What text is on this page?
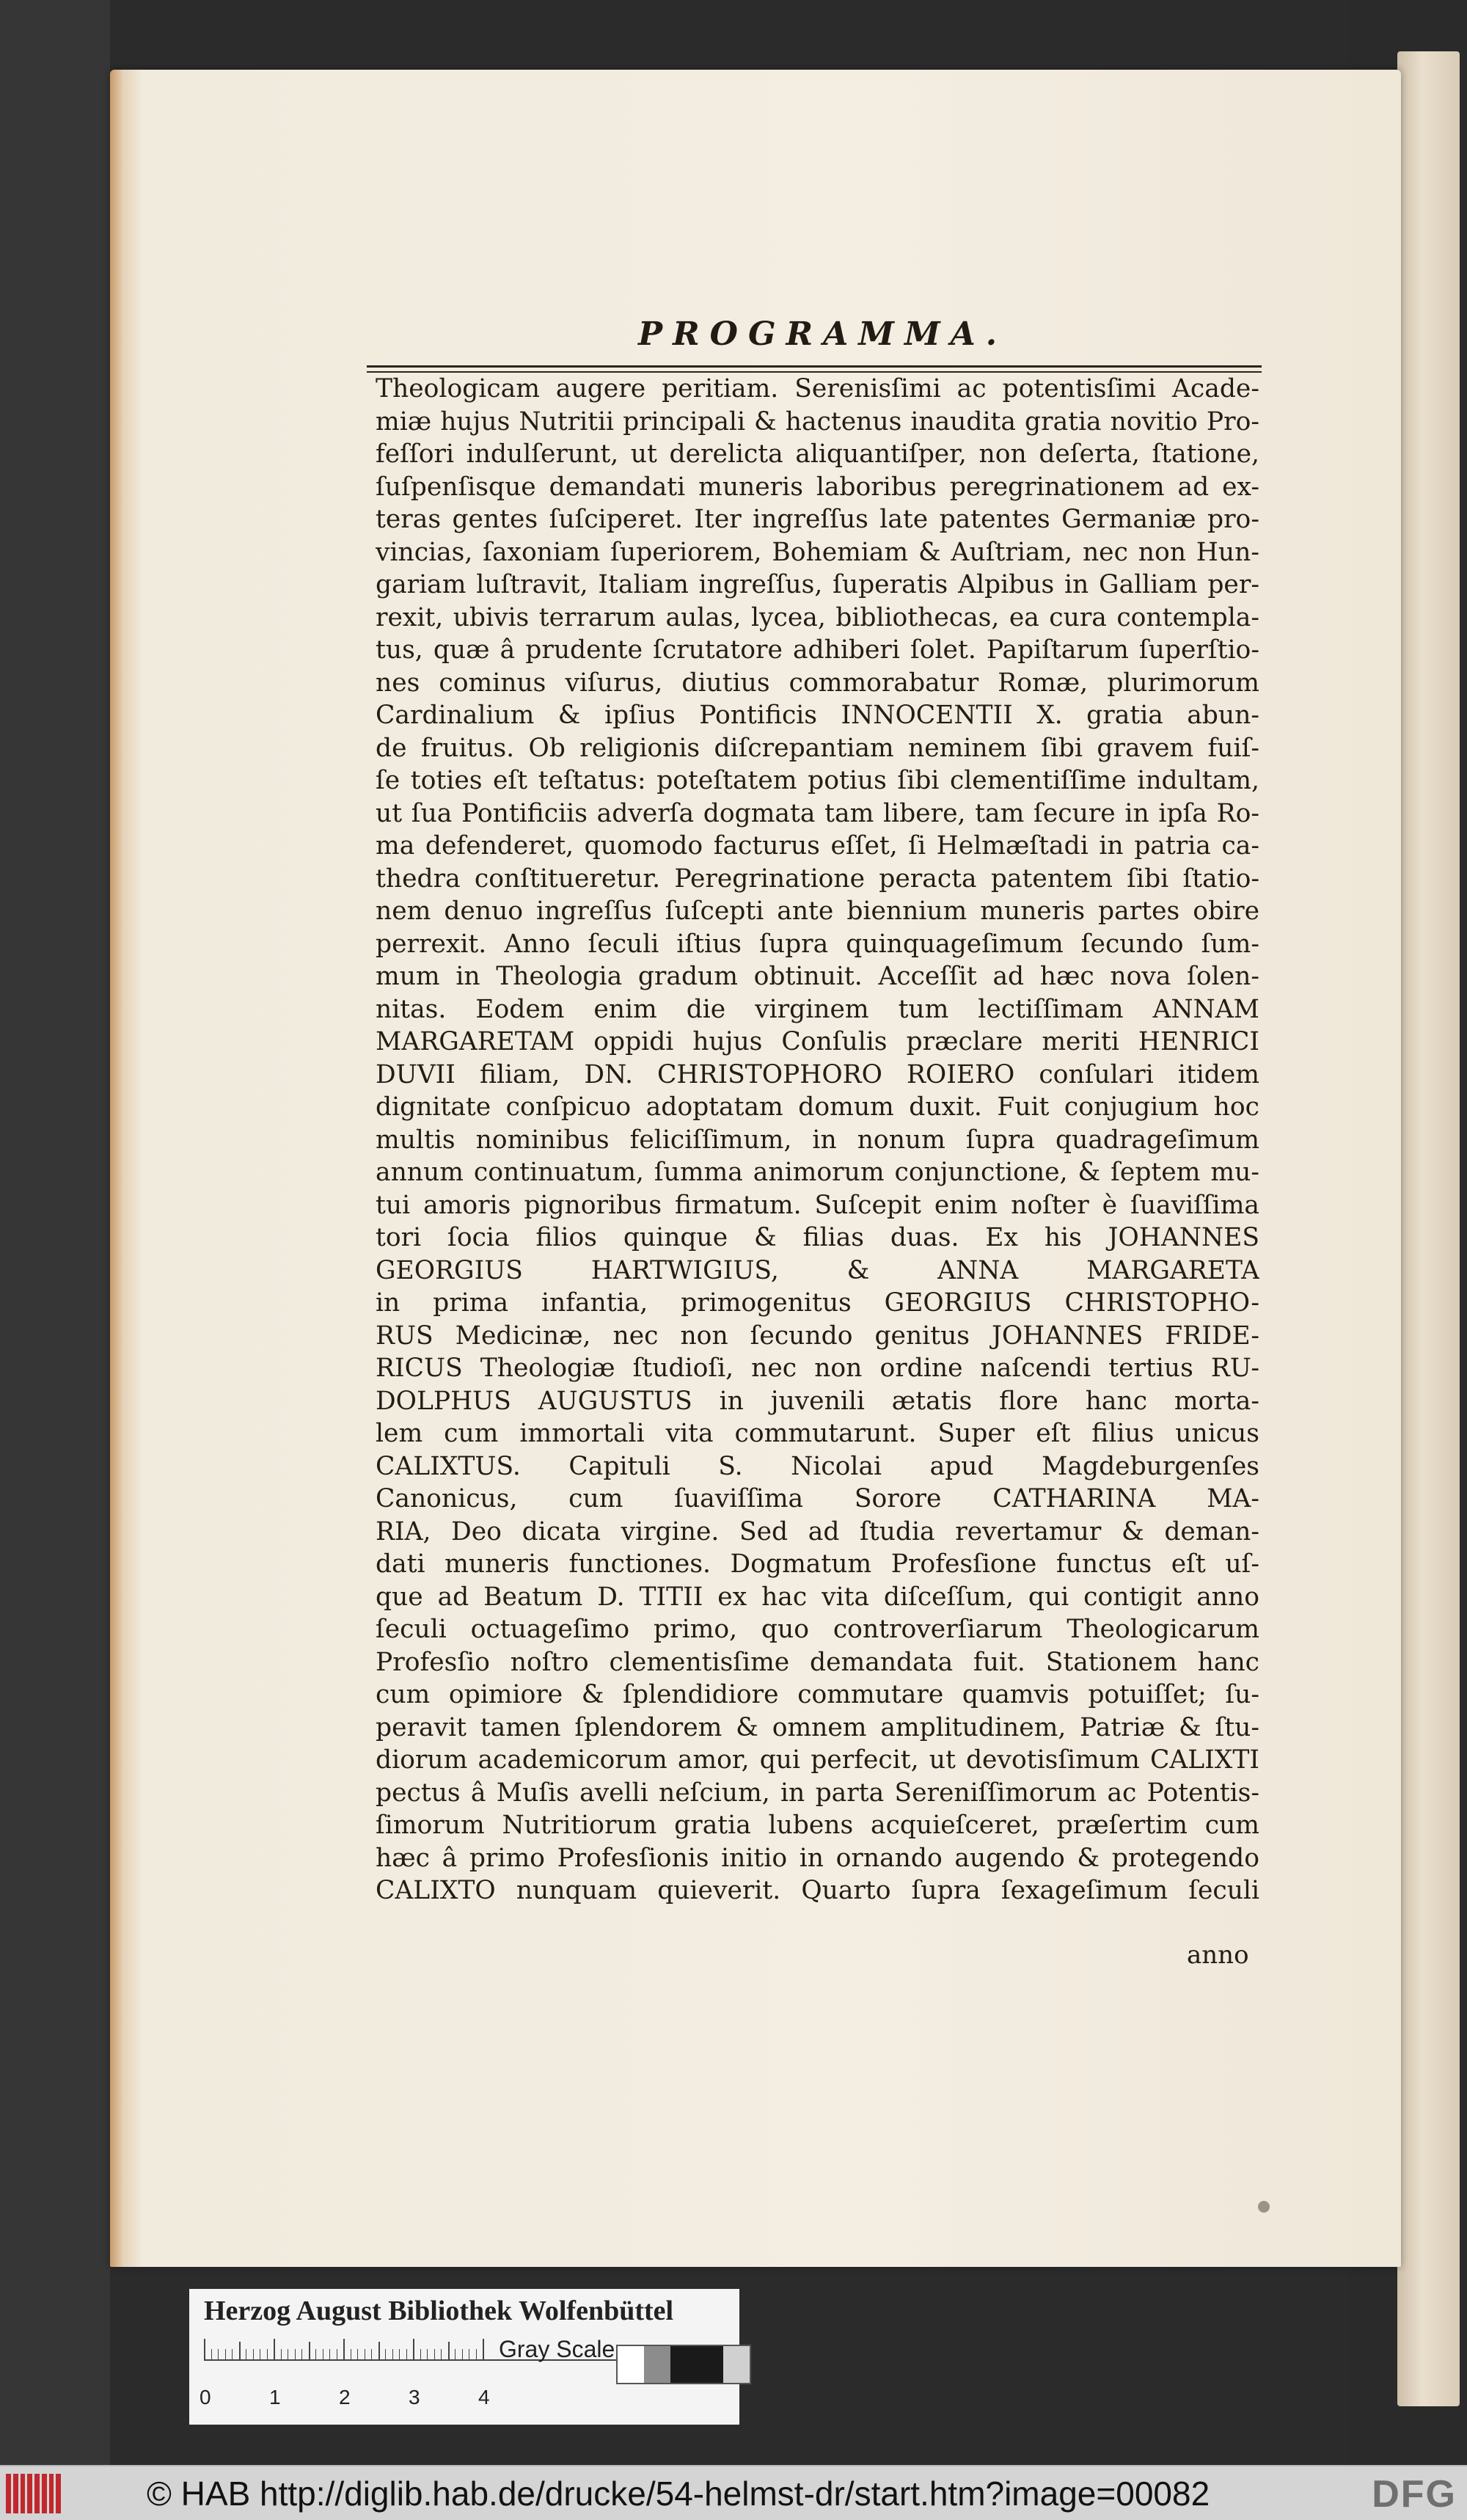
PROGRAMMA.
Theologicam augere peritiam. Serenisſimi ac potentisſimi Acade-
miæ hujus Nutritii principali & hactenus inaudita gratia novitio Pro-
feſſori indulſerunt, ut derelicta aliquantiſper, non deſerta, ſtatione,
ſuſpenſisque demandati muneris laboribus peregrinationem ad ex-
teras gentes ſuſciperet. Iter ingreſſus late patentes Germaniæ pro-
vincias, ſaxoniam ſuperiorem, Bohemiam & Auſtriam, nec non Hun-
gariam luſtravit, Italiam ingreſſus, ſuperatis Alpibus in Galliam per-
rexit, ubivis terrarum aulas, lycea, bibliothecas, ea cura contempla-
tus, quæ â prudente ſcrutatore adhiberi ſolet. Papiſtarum ſuperſtio-
nes cominus viſurus, diutius commorabatur Romæ, plurimorum
Cardinalium & ipſius Pontificis INNOCENTII X. gratia abun-
de fruitus. Ob religionis diſcrepantiam neminem ſibi gravem fuiſ-
ſe toties eſt teſtatus: poteſtatem potius ſibi clementiſſime indultam,
ut ſua Pontificiis adverſa dogmata tam libere, tam ſecure in ipſa Ro-
ma defenderet, quomodo facturus eſſet, ſi Helmæſtadi in patria ca-
thedra conſtitueretur. Peregrinatione peracta patentem ſibi ſtatio-
nem denuo ingreſſus ſuſcepti ante biennium muneris partes obire
perrexit. Anno ſeculi iſtius ſupra quinquageſimum ſecundo ſum-
mum in Theologia gradum obtinuit. Acceſſit ad hæc nova ſolen-
nitas. Eodem enim die virginem tum lectiſſimam ANNAM
MARGARETAM oppidi hujus Conſulis præclare meriti HENRICI
DUVII filiam, DN. CHRISTOPHORO ROIERO conſulari itidem
dignitate conſpicuo adoptatam domum duxit. Fuit conjugium hoc
multis nominibus feliciſſimum, in nonum ſupra quadrageſimum
annum continuatum, ſumma animorum conjunctione, & ſeptem mu-
tui amoris pignoribus firmatum. Suſcepit enim noſter è ſuaviſſima
tori ſocia filios quinque & filias duas. Ex his JOHANNES
GEORGIUS HARTWIGIUS, & ANNA MARGARETA
in prima infantia, primogenitus GEORGIUS CHRISTOPHO-
RUS Medicinæ, nec non ſecundo genitus JOHANNES FRIDE-
RICUS Theologiæ ſtudioſi, nec non ordine naſcendi tertius RU-
DOLPHUS AUGUSTUS in juvenili ætatis flore hanc morta-
lem cum immortali vita commutarunt. Super eſt filius unicus
CALIXTUS. Capituli S. Nicolai apud Magdeburgenſes
Canonicus, cum ſuaviſſima Sorore CATHARINA MA-
RIA, Deo dicata virgine. Sed ad ſtudia revertamur & deman-
dati muneris functiones. Dogmatum Profesſione functus eſt uſ-
que ad Beatum D. TITII ex hac vita diſceſſum, qui contigit anno
ſeculi octuageſimo primo, quo controverſiarum Theologicarum
Profesſio noſtro clementisſime demandata fuit. Stationem hanc
cum opimiore & ſplendidiore commutare quamvis potuiſſet; ſu-
peravit tamen ſplendorem & omnem amplitudinem, Patriæ & ſtu-
diorum academicorum amor, qui perfecit, ut devotisſimum CALIXTI
pectus â Muſis avelli neſcium, in parta Sereniſſimorum ac Potentis-
ſimorum Nutritiorum gratia lubens acquieſceret, præſertim cum
hæc â primo Profesſionis initio in ornando augendo & protegendo
CALIXTO nunquam quieverit. Quarto ſupra ſexageſimum ſeculi
anno

Herzog August Bibliothek Wolfenbüttel

Gray Scale
0	1	2	3	4
© HAB http://diglib.hab.de/drucke/54-helmst-dr/start.htm?image=00082	DFG
